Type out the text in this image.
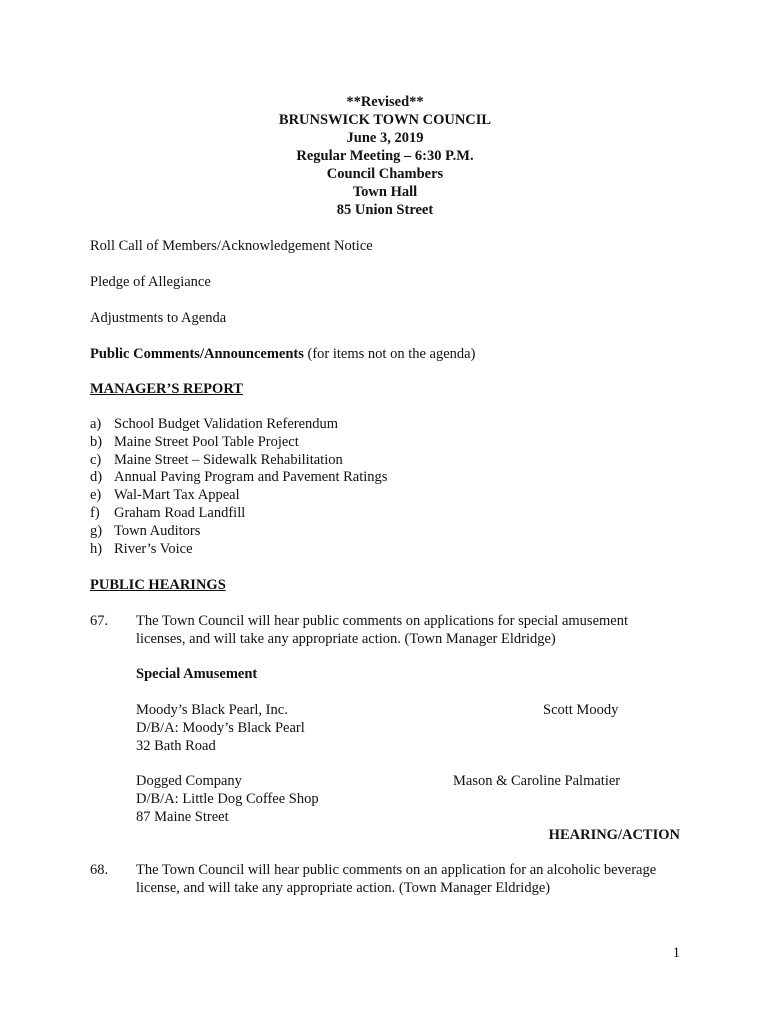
**Revised**
BRUNSWICK TOWN COUNCIL
June 3, 2019
Regular Meeting – 6:30 P.M.
Council Chambers
Town Hall
85 Union Street
Roll Call of Members/Acknowledgement Notice
Pledge of Allegiance
Adjustments to Agenda
Public Comments/Announcements (for items not on the agenda)
MANAGER’S REPORT
a) School Budget Validation Referendum
b) Maine Street Pool Table Project
c) Maine Street – Sidewalk Rehabilitation
d) Annual Paving Program and Pavement Ratings
e) Wal-Mart Tax Appeal
f) Graham Road Landfill
g) Town Auditors
h) River’s Voice
PUBLIC HEARINGS
67. The Town Council will hear public comments on applications for special amusement
licenses, and will take any appropriate action. (Town Manager Eldridge)
Special Amusement
Moody’s Black Pearl, Inc.
D/B/A: Moody’s Black Pearl
32 Bath Road
Scott Moody
Dogged Company
D/B/A: Little Dog Coffee Shop
87 Maine Street
Mason & Caroline Palmatier
HEARING/ACTION
68. The Town Council will hear public comments on an application for an alcoholic beverage
license, and will take any appropriate action. (Town Manager Eldridge)
1
